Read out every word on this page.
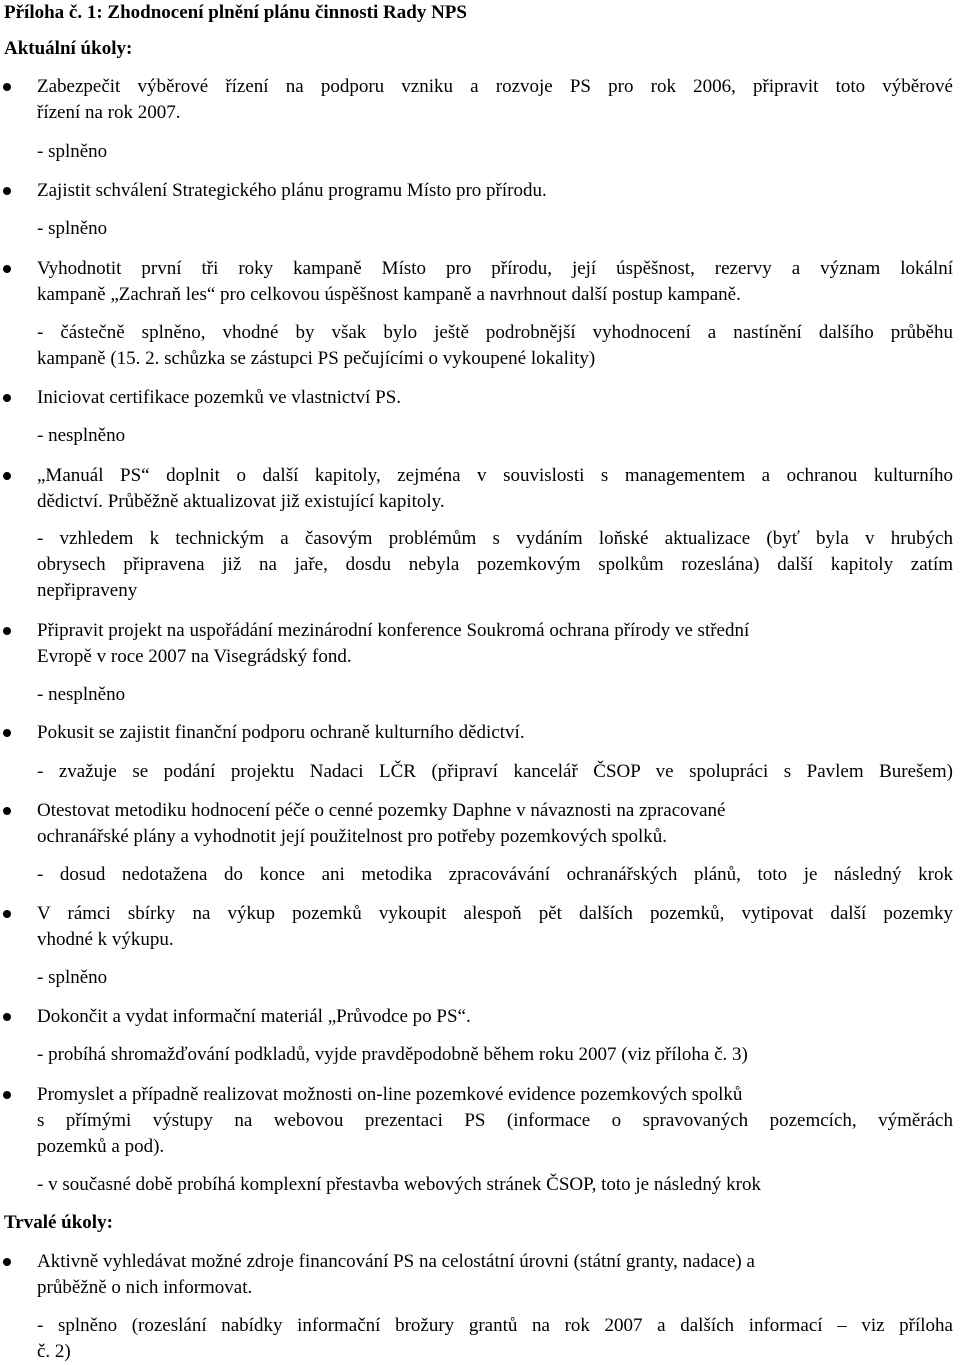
Příloha č. 1: Zhodnocení plnění plánu činnosti Rady NPS
Aktuální úkoly:
Zabezpečit výběrové řízení na podporu vzniku a rozvoje PS pro rok 2006, připravit toto výběrové
řízení na rok 2007.
- splněno
Zajistit schválení Strategického plánu programu Místo pro přírodu.
- splněno
Vyhodnotit první tři roky kampaně Místo pro přírodu, její úspěšnost, rezervy a význam lokální
kampaně „Zachraň les“ pro celkovou úspěšnost kampaně a navrhnout další postup kampaně.
- částečně splněno, vhodné by však bylo ještě podrobnější vyhodnocení a nastínění dalšího průběhu
kampaně (15. 2. schůzka se zástupci PS pečujícími o vykoupené lokality)
Iniciovat certifikace pozemků ve vlastnictví PS.
- nesplněno
„Manuál PS“ doplnit o další kapitoly, zejména v souvislosti s managementem a ochranou kulturního
dědictví. Průběžně aktualizovat již existující kapitoly.
- vzhledem k technickým a časovým problémům s vydáním loňské aktualizace (byť byla v hrubých
obrysech připravena již na jaře, dosdu nebyla pozemkovým spolkům rozeslána) další kapitoly zatím
nepřipraveny
Připravit projekt na uspořádání mezinárodní konference Soukromá ochrana přírody ve střední
Evropě v roce 2007 na Visegrádský fond.
- nesplněno
Pokusit se zajistit finanční podporu ochraně kulturního dědictví.
- zvažuje se podání projektu Nadaci LČR (připraví kancelář ČSOP ve spolupráci s Pavlem Burešem)
Otestovat metodiku hodnocení péče o cenné pozemky Daphne v návaznosti na zpracované
ochranářské plány a vyhodnotit její použitelnost pro potřeby pozemkových spolků.
- dosud nedotažena do konce ani metodika zpracovávání ochranářských plánů, toto je následný krok
V rámci sbírky na výkup pozemků vykoupit alespoň pět dalších pozemků, vytipovat další pozemky
vhodné k výkupu.
- splněno
Dokončit a vydat informační materiál „Průvodce po PS“.
- probíhá shromažďování podkladů, vyjde pravděpodobně během roku 2007 (viz příloha č. 3)
Promyslet a případně realizovat možnosti on-line pozemkové evidence pozemkových spolků
s přímými výstupy na webovou prezentaci PS (informace o spravovaných pozemcích, výměrách
pozemků a pod).
- v současné době probíhá komplexní přestavba webových stránek ČSOP, toto je následný krok
Trvalé úkoly:
Aktivně vyhledávat možné zdroje financování PS na celostátní úrovni (státní granty, nadace) a
průběžně o nich informovat.
- splněno (rozeslání nabídky informační brožury grantů na rok 2007 a dalších informací – viz příloha
č. 2)
